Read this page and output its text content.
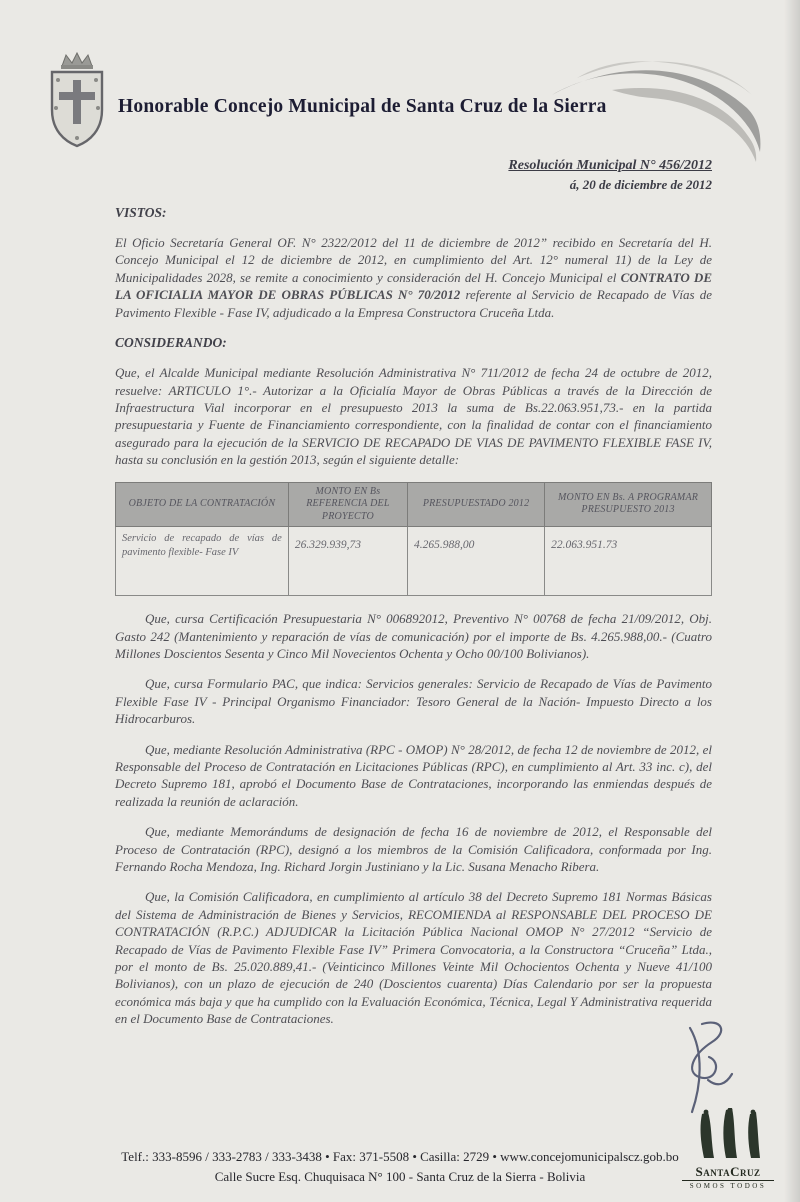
Honorable Concejo Municipal de Santa Cruz de la Sierra
Resolución Municipal N° 456/2012
á, 20 de diciembre de 2012

VISTOS:

El Oficio Secretaría General OF. N° 2322/2012 del 11 de diciembre de 2012” recibido en Secretaría del H. Concejo Municipal el 12 de diciembre de 2012, en cumplimiento del Art. 12° numeral 11) de la Ley de Municipalidades 2028, se remite a conocimiento y consideración del H. Concejo Municipal el CONTRATO DE LA OFICIALIA MAYOR DE OBRAS PÚBLICAS N° 70/2012 referente al Servicio de Recapado de Vías de Pavimento Flexible - Fase IV, adjudicado a la Empresa Constructora Cruceña Ltda.

CONSIDERANDO:

Que, el Alcalde Municipal mediante Resolución Administrativa N° 711/2012 de fecha 24 de octubre de 2012, resuelve: ARTICULO 1°.- Autorizar a la Oficialía Mayor de Obras Públicas a través de la Dirección de Infraestructura Vial incorporar en el presupuesto 2013 la suma de Bs.22.063.951,73.- en la partida presupuestaria y Fuente de Financiamiento correspondiente, con la finalidad de contar con el financiamiento asegurado para la ejecución de la SERVICIO DE RECAPADO DE VIAS DE PAVIMENTO FLEXIBLE FASE IV, hasta su conclusión en la gestión 2013, según el siguiente detalle:

OBJETO DE LA CONTRATACIÓN	MONTO EN Bs REFERENCIA DEL PROYECTO	PRESUPUESTADO 2012	MONTO EN Bs. A PROGRAMAR PRESUPUESTO 2013
Servicio de recapado de vías de pavimento flexible- Fase IV	26.329.939,73	4.265.988,00	22.063.951.73

Que, cursa Certificación Presupuestaria N° 006892012, Preventivo N° 00768 de fecha 21/09/2012, Obj. Gasto 242 (Mantenimiento y reparación de vías de comunicación) por el importe de Bs. 4.265.988,00.- (Cuatro Millones Doscientos Sesenta y Cinco Mil Novecientos Ochenta y Ocho 00/100 Bolivianos).

Que, cursa Formulario PAC, que indica: Servicios generales: Servicio de Recapado de Vías de Pavimento Flexible Fase IV - Principal Organismo Financiador: Tesoro General de la Nación- Impuesto Directo a los Hidrocarburos.

Que, mediante Resolución Administrativa (RPC - OMOP) N° 28/2012, de fecha 12 de noviembre de 2012, el Responsable del Proceso de Contratación en Licitaciones Públicas (RPC), en cumplimiento al Art. 33 inc. c), del Decreto Supremo 181, aprobó el Documento Base de Contrataciones, incorporando las enmiendas después de realizada la reunión de aclaración.

Que, mediante Memorándums de designación de fecha 16 de noviembre de 2012, el Responsable del Proceso de Contratación (RPC), designó a los miembros de la Comisión Calificadora, conformada por Ing. Fernando Rocha Mendoza, Ing. Richard Jorgin Justiniano y la Lic. Susana Menacho Ribera.

Que, la Comisión Calificadora, en cumplimiento al artículo 38 del Decreto Supremo 181 Normas Básicas del Sistema de Administración de Bienes y Servicios, RECOMIENDA al RESPONSABLE DEL PROCESO DE CONTRATACIÓN (R.P.C.) ADJUDICAR la Licitación Pública Nacional OMOP N° 27/2012 “Servicio de Recapado de Vías de Pavimento Flexible Fase IV” Primera Convocatoria, a la Constructora “Cruceña” Ltda., por el monto de Bs. 25.020.889,41.- (Veinticinco Millones Veinte Mil Ochocientos Ochenta y Nueve 41/100 Bolivianos), con un plazo de ejecución de 240 (Doscientos cuarenta) Días Calendario por ser la propuesta económica más baja y que ha cumplido con la Evaluación Económica, Técnica, Legal Y Administrativa requerida en el Documento Base de Contrataciones.

Telf.: 333-8596 / 333-2783 / 333-3438 • Fax: 371-5508 • Casilla: 2729 • www.concejomunicipalscz.gob.bo
Calle Sucre Esq. Chuquisaca N° 100 - Santa Cruz de la Sierra - Bolivia	SantaCruz
SOMOS TODOS
